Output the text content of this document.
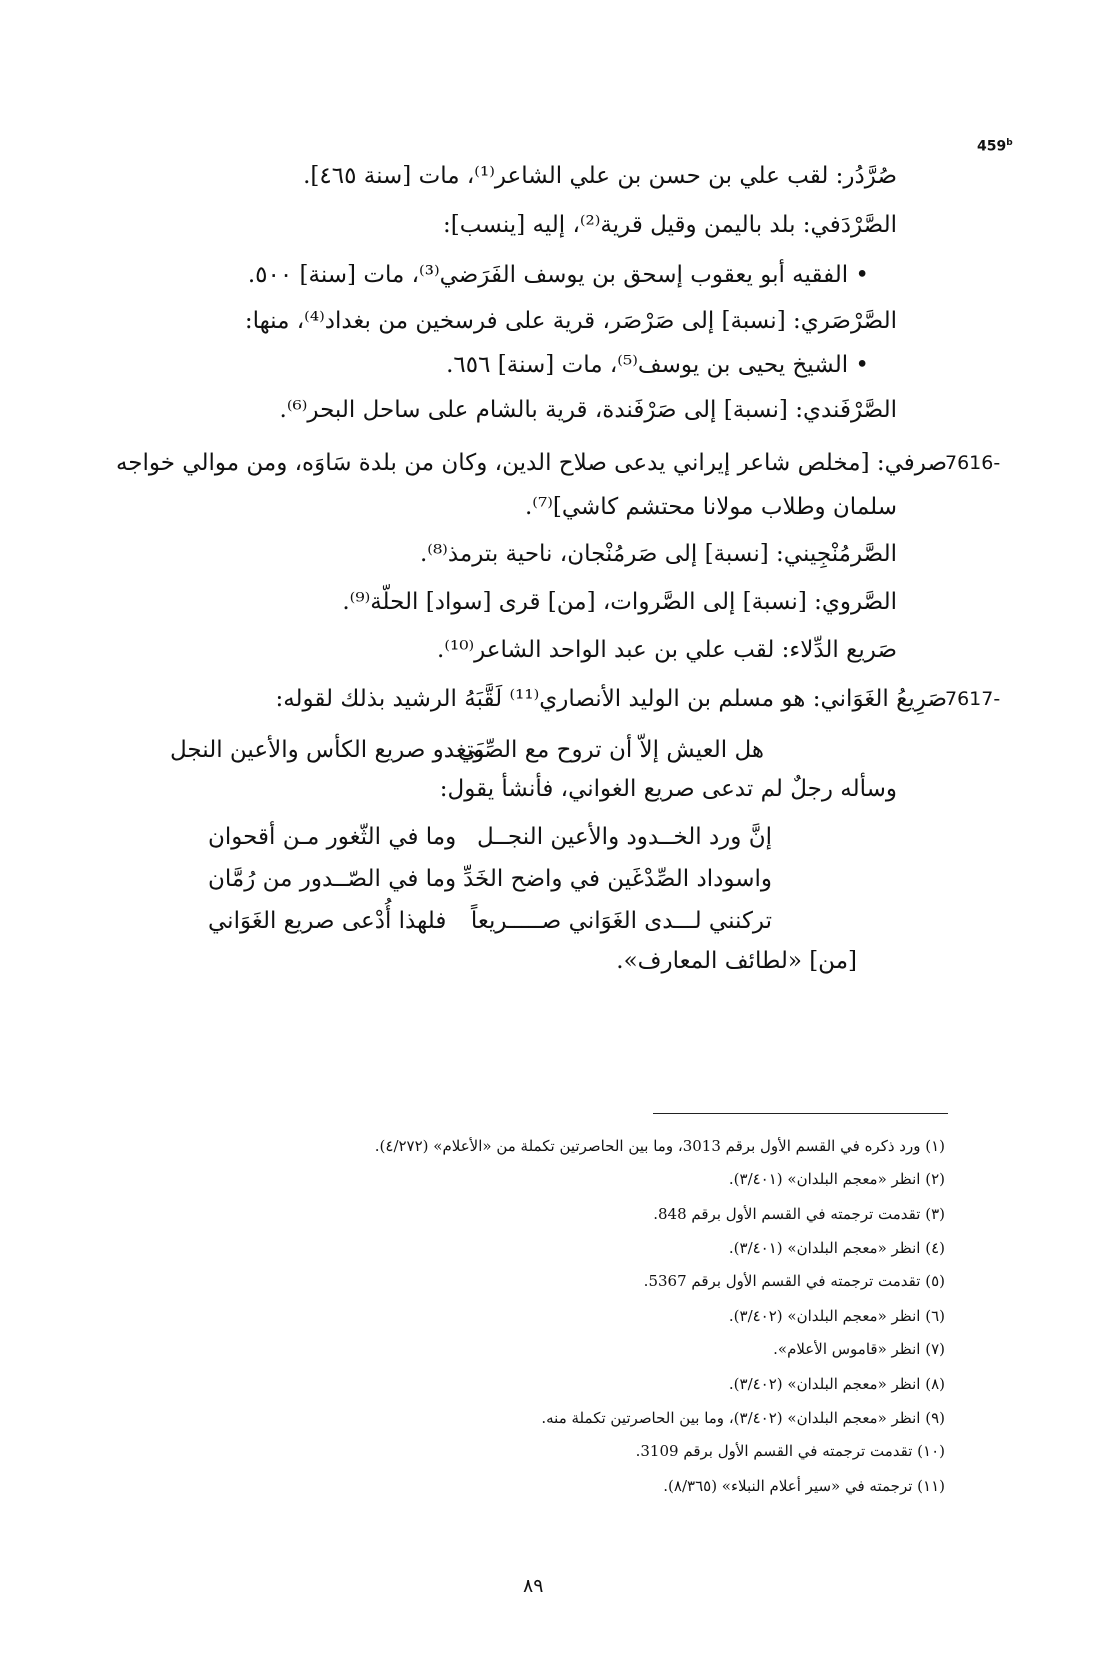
459$^b$
صُرَّدُر: لقب علي بن حسن بن علي الشاعر⁽¹⁾، مات [سنة ٤٦٥].
الصَّرْدَفي: بلد باليمن وقيل قرية⁽²⁾، إليه [ينسب]:
• الفقيه أبو يعقوب إسحق بن يوسف الفَرَضي⁽³⁾، مات [سنة] ٥٠٠.
الصَّرْصَري: [نسبة] إلى صَرْصَر، قرية على فرسخين من بغداد⁽⁴⁾، منها:
• الشيخ يحيى بن يوسف⁽⁵⁾، مات [سنة] ٦٥٦.
الصَّرْفَندي: [نسبة] إلى صَرْفَندة، قرية بالشام على ساحل البحر⁽⁶⁾.
7616-
صرفي: [مخلص شاعر إيراني يدعى صلاح الدين، وكان من بلدة سَاوَه، ومن موالي خواجه
سلمان وطلاب مولانا محتشم كاشي]⁽⁷⁾.
الصَّرمُنْجِيني: [نسبة] إلى صَرمُنْجان، ناحية بترمذ⁽⁸⁾.
الصَّروي: [نسبة] إلى الصَّروات، [من] قرى [سواد] الحلّة⁽⁹⁾.
صَريع الدِّلاء: لقب علي بن عبد الواحد الشاعر⁽¹⁰⁾.
7617-
صَرِيعُ الغَوَاني: هو مسلم بن الوليد الأنصاري⁽¹¹⁾ لَقَّبَهُ الرشيد بذلك لقوله:
هل العيش إلاّ أن تروح مع الصِّبَي
وتغدو صريع الكأس والأعين النجل
وسأله رجلٌ لم تدعى صريع الغواني، فأنشأ يقول:
إنَّ ورد الخــدود والأعين النجــل
وما في الثّغور مـن أقحوان
واسوداد الصِّدْغَين في واضح الخَدِّ
وما في الصّــدور من رُمَّان
تركنني لـــدى الغَوَاني صـــــريعاً
فلهذا أُدْعى صريع الغَوَاني
[من] «لطائف المعارف».
(١) ورد ذكره في القسم الأول برقم 3013، وما بين الحاصرتين تكملة من «الأعلام» (٤/٢٧٢).
(٢) انظر «معجم البلدان» (٣/٤٠١).
(٣) تقدمت ترجمته في القسم الأول برقم 848.
(٤) انظر «معجم البلدان» (٣/٤٠١).
(٥) تقدمت ترجمته في القسم الأول برقم 5367.
(٦) انظر «معجم البلدان» (٣/٤٠٢).
(٧) انظر «قاموس الأعلام».
(٨) انظر «معجم البلدان» (٣/٤٠٢).
(٩) انظر «معجم البلدان» (٣/٤٠٢)، وما بين الحاصرتين تكملة منه.
(١٠) تقدمت ترجمته في القسم الأول برقم 3109.
(١١) ترجمته في «سير أعلام النبلاء» (٨/٣٦٥).
٨٩
